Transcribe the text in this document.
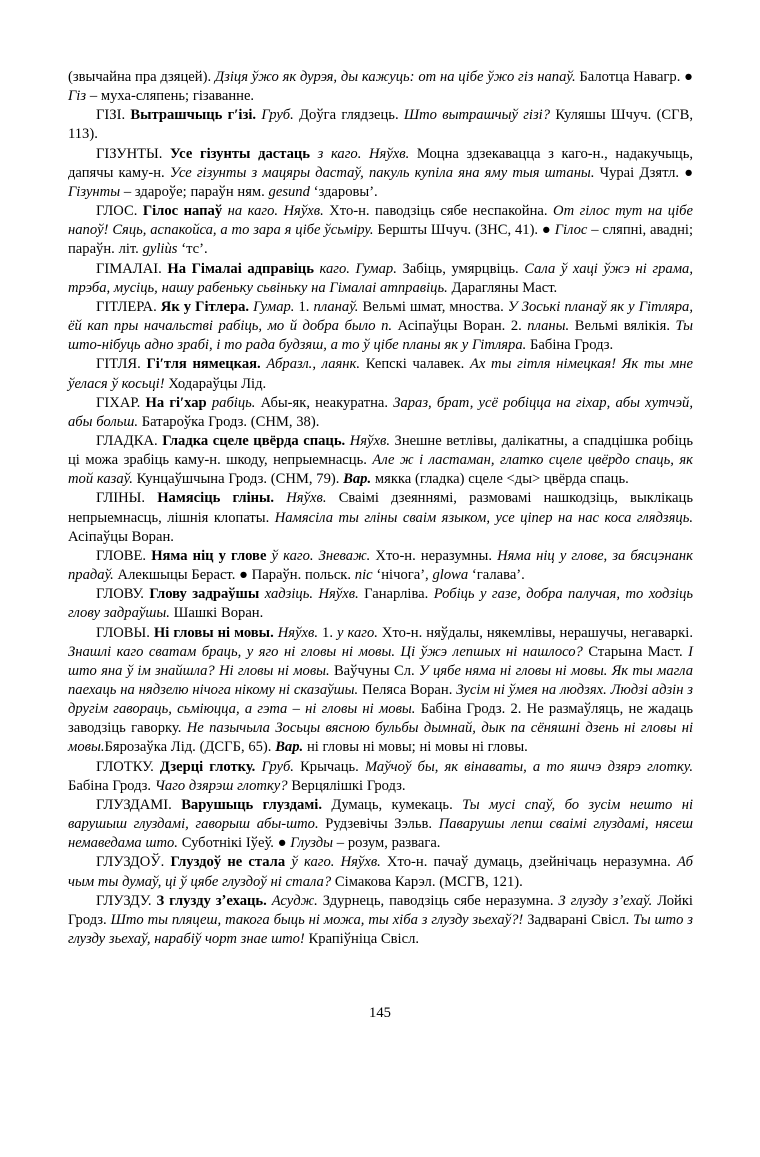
(звычайна пра дзяцей). Дзіця ўжо як дурэя, ды кажуць: от на цібе ўжо гіз напаў. Балотца Навагр. ● Гіз – муха-сляпень; гізаванне.

ГІЗІ. Вытрашчыць гʹізі. Груб. Доўга глядзець. Што вытрашчыў гізі? Куляшы Шчуч. (СГВ, 113).

ГІЗУНТЫ. Усе гізунты дастаць з каго. Няўхв. Моцна здзекавацца з каго-н., надакучыць, дапячы каму-н. Усе гізунты з мацяры дастаў, пакуль купіла яна яму тыя штаны. Чураі Дзятл. ● Гізунты – здароўе; параўн ням. gesund ‘здаровы’.

ГЛОС. Гілос напаў на каго. Няўхв. Хто-н. паводзіць сябе неспакойна. От гілос тут на цібе напоў! Сяць, аспакойса, а то зара я цібе ўсьміру. Бершты Шчуч. (ЗНС, 41). ● Гілос – сляпні, авадні; параўн. літ. gyliùs ‘тс’.

ГІМАЛАІ. На Гімалаі адправіць каго. Гумар. Забіць, умярцвіць. Сала ў хаці ўжэ ні грама, трэба, мусіць, нашу рабеньку сьвіньку на Гімалаі атправіць. Дарагляны Маст.

ГІТЛЕРА. Як у Гітлера. Гумар. 1. планаў. Вельмі шмат, мноства. У Зоські планаў як у Гітляра, ёй кап пры начальстві рабіць, мо й добра было п. Асіпаўцы Воран. 2. планы. Вельмі вялікія. Ты што-нібуць адно зрабі, і то рада будзяш, а то ў цібе планы як у Гітляра. Бабіна Гродз.

ГІТЛЯ. Гіʹтля нямецкая. Абразл., лаянк. Кепскі чалавек. Ах ты гітля німецкая! Як ты мне ўелася ў косьці! Ходараўцы Лід.

ГІХАР. На гіʹхар рабіць. Абы-як, неакуратна. Зараз, брат, усё робіцца на гіхар, абы хутчэй, абы больш. Батароўка Гродз. (СНМ, 38).

ГЛАДКА. Гладка сцеле цвёрда спаць. Няўхв. Знешне ветлівы, далікатны, а спадцішка робіць ці можа зрабіць каму-н. шкоду, непрыемнасць. Але ж і ластаман, глатко сцеле цвёрдо спаць, як той казаў. Кунцаўшчына Гродз. (СНМ, 79). Вар. мякка (гладка) сцеле <ды> цвёрда спаць.

ГЛІНЫ. Намясіць гліны. Няўхв. Сваімі дзеяннямі, размовамі нашкодзіць, выклікаць непрыемнасць, лішнія клопаты. Намясіла ты гліны сваім языком, усе ціпер на нас коса глядзяць. Асіпаўцы Воран.

ГЛОВЕ. Няма ніц у глове ў каго. Зневаж. Хто-н. неразумны. Няма ніц у глове, за бясцэнанк прадаў. Алекшыцы Бераст. ● Параўн. польск. nic ‘нічога’, glowa ‘галава’.

ГЛОВУ. Глову задраўшы хадзіць. Няўхв. Ганарліва. Робіць у газе, добра палучая, то ходзіць глову задраўшы. Шашкі Воран.

ГЛОВЫ. Ні гловы ні мовы. Няўхв. 1. у каго. Хто-н. няўдалы, някемлівы, нерашучы, негаваркі. Знашлі каго сватам браць, у яго ні гловы ні мовы. Ці ўжэ лепшых ні нашлосо? Старына Маст. І што яна ў ім знайшла? Ні гловы ні мовы. Ваўчуны Сл. У цябе няма ні гловы ні мовы. Як ты магла паехаць на нядзелю нічога нікому ні сказаўшы. Пеляса Воран. Зусім ні ўмея на людзях. Людзі адзін з другім гавораць, сьміюцца, а гэта – ні гловы ні мовы. Бабіна Гродз. 2. Не размаўляць, не жадаць заводзіць гаворку. Не пазычыла Зосьцы вясною бульбы дымнай, дык па сёняшні дзень ні гловы ні мовы.Бярозаўка Лід. (ДСГБ, 65). Вар. ні гловы ні мовы; ні мовы ні гловы.

ГЛОТКУ. Дзерці глотку. Груб. Крычаць. Маўчоў бы, як вінаваты, а то яшчэ дзярэ глотку. Бабіна Гродз. Чаго дзярэш глотку? Верцялішкі Гродз.

ГЛУЗДАМІ. Варушыць глуздамі. Думаць, кумекаць. Ты мусі спаў, бо зусім нешто ні варушыш глуздамі, гаворыш абы-што. Рудзевічы Зэльв. Паварушы лепш сваімі глуздамі, нясеш немаведама што. Суботнікі Іўеў. ● Глузды – розум, развага.

ГЛУЗДОЎ. Глуздоў не стала ў каго. Няўхв. Хто-н. пачаў думаць, дзейнічаць неразумна. Аб чым ты думаў, ці ў цябе глуздоў ні стала? Сімакова Карэл. (МСГВ, 121).

ГЛУЗДУ. З глузду зʼехаць. Асудж. Здурнець, паводзіць сябе неразумна. З глузду зʼехаў. Лойкі Гродз. Што ты пляцеш, такога быць ні можа, ты хіба з глузду зьехаў?! Задварані Свісл. Ты што з глузду зьехаў, нарабіў чорт знае што! Крапіўніца Свісл.

145
